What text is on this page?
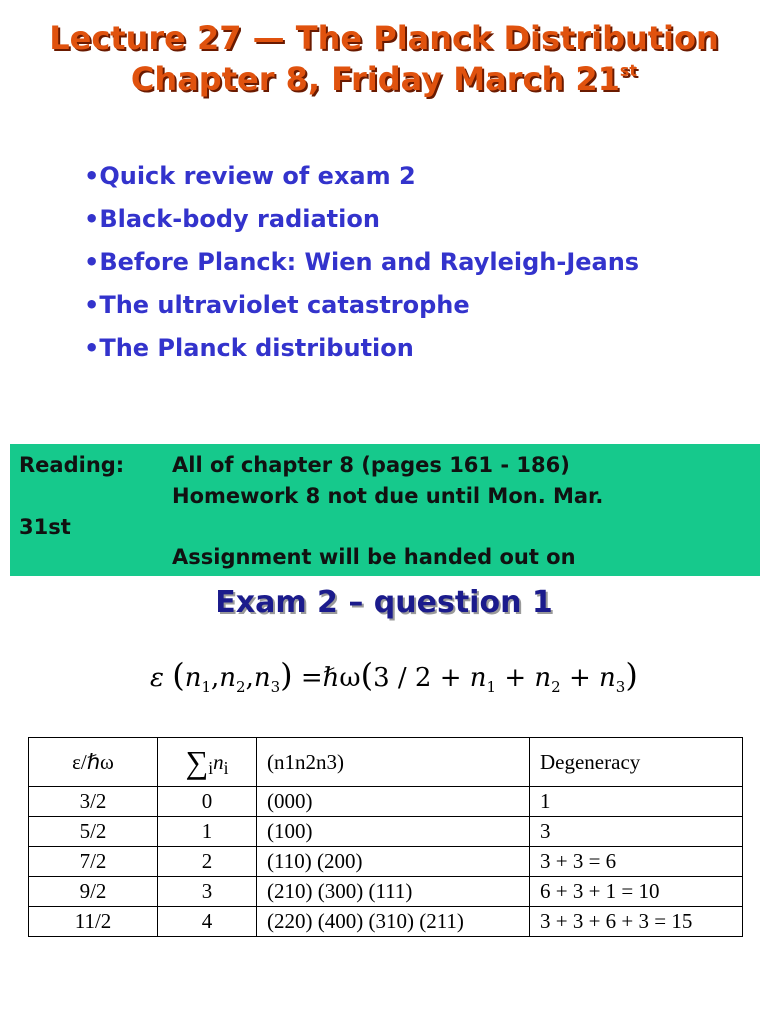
Lecture 27 — The Planck Distribution
Chapter 8, Friday March 21st
•Quick review of exam 2
•Black-body radiation
•Before Planck: Wien and Rayleigh-Jeans
•The ultraviolet catastrophe
•The Planck distribution
Reading: All of chapter 8 (pages 161 - 186)
Homework 8 not due until Mon. Mar.
31st
Assignment will be handed out on
Exam 2 – question 1
ε $(n_1,n_2,n_3)$ =ℏω(3 / $2 + n_1 + n_2 + n_3$)
ε/ℏω	$\sum_in_i$	(n1n2n3)	Degeneracy
3/2	0	(000)	1
5/2	1	(100)	3
7/2	2	(110) (200)	3 + 3 = 6
9/2	3	(210) (300) (111)	6 + 3 + 1 = 10
11/2	4	(220) (400) (310) (211)	3 + 3 + 6 + 3 = 15
